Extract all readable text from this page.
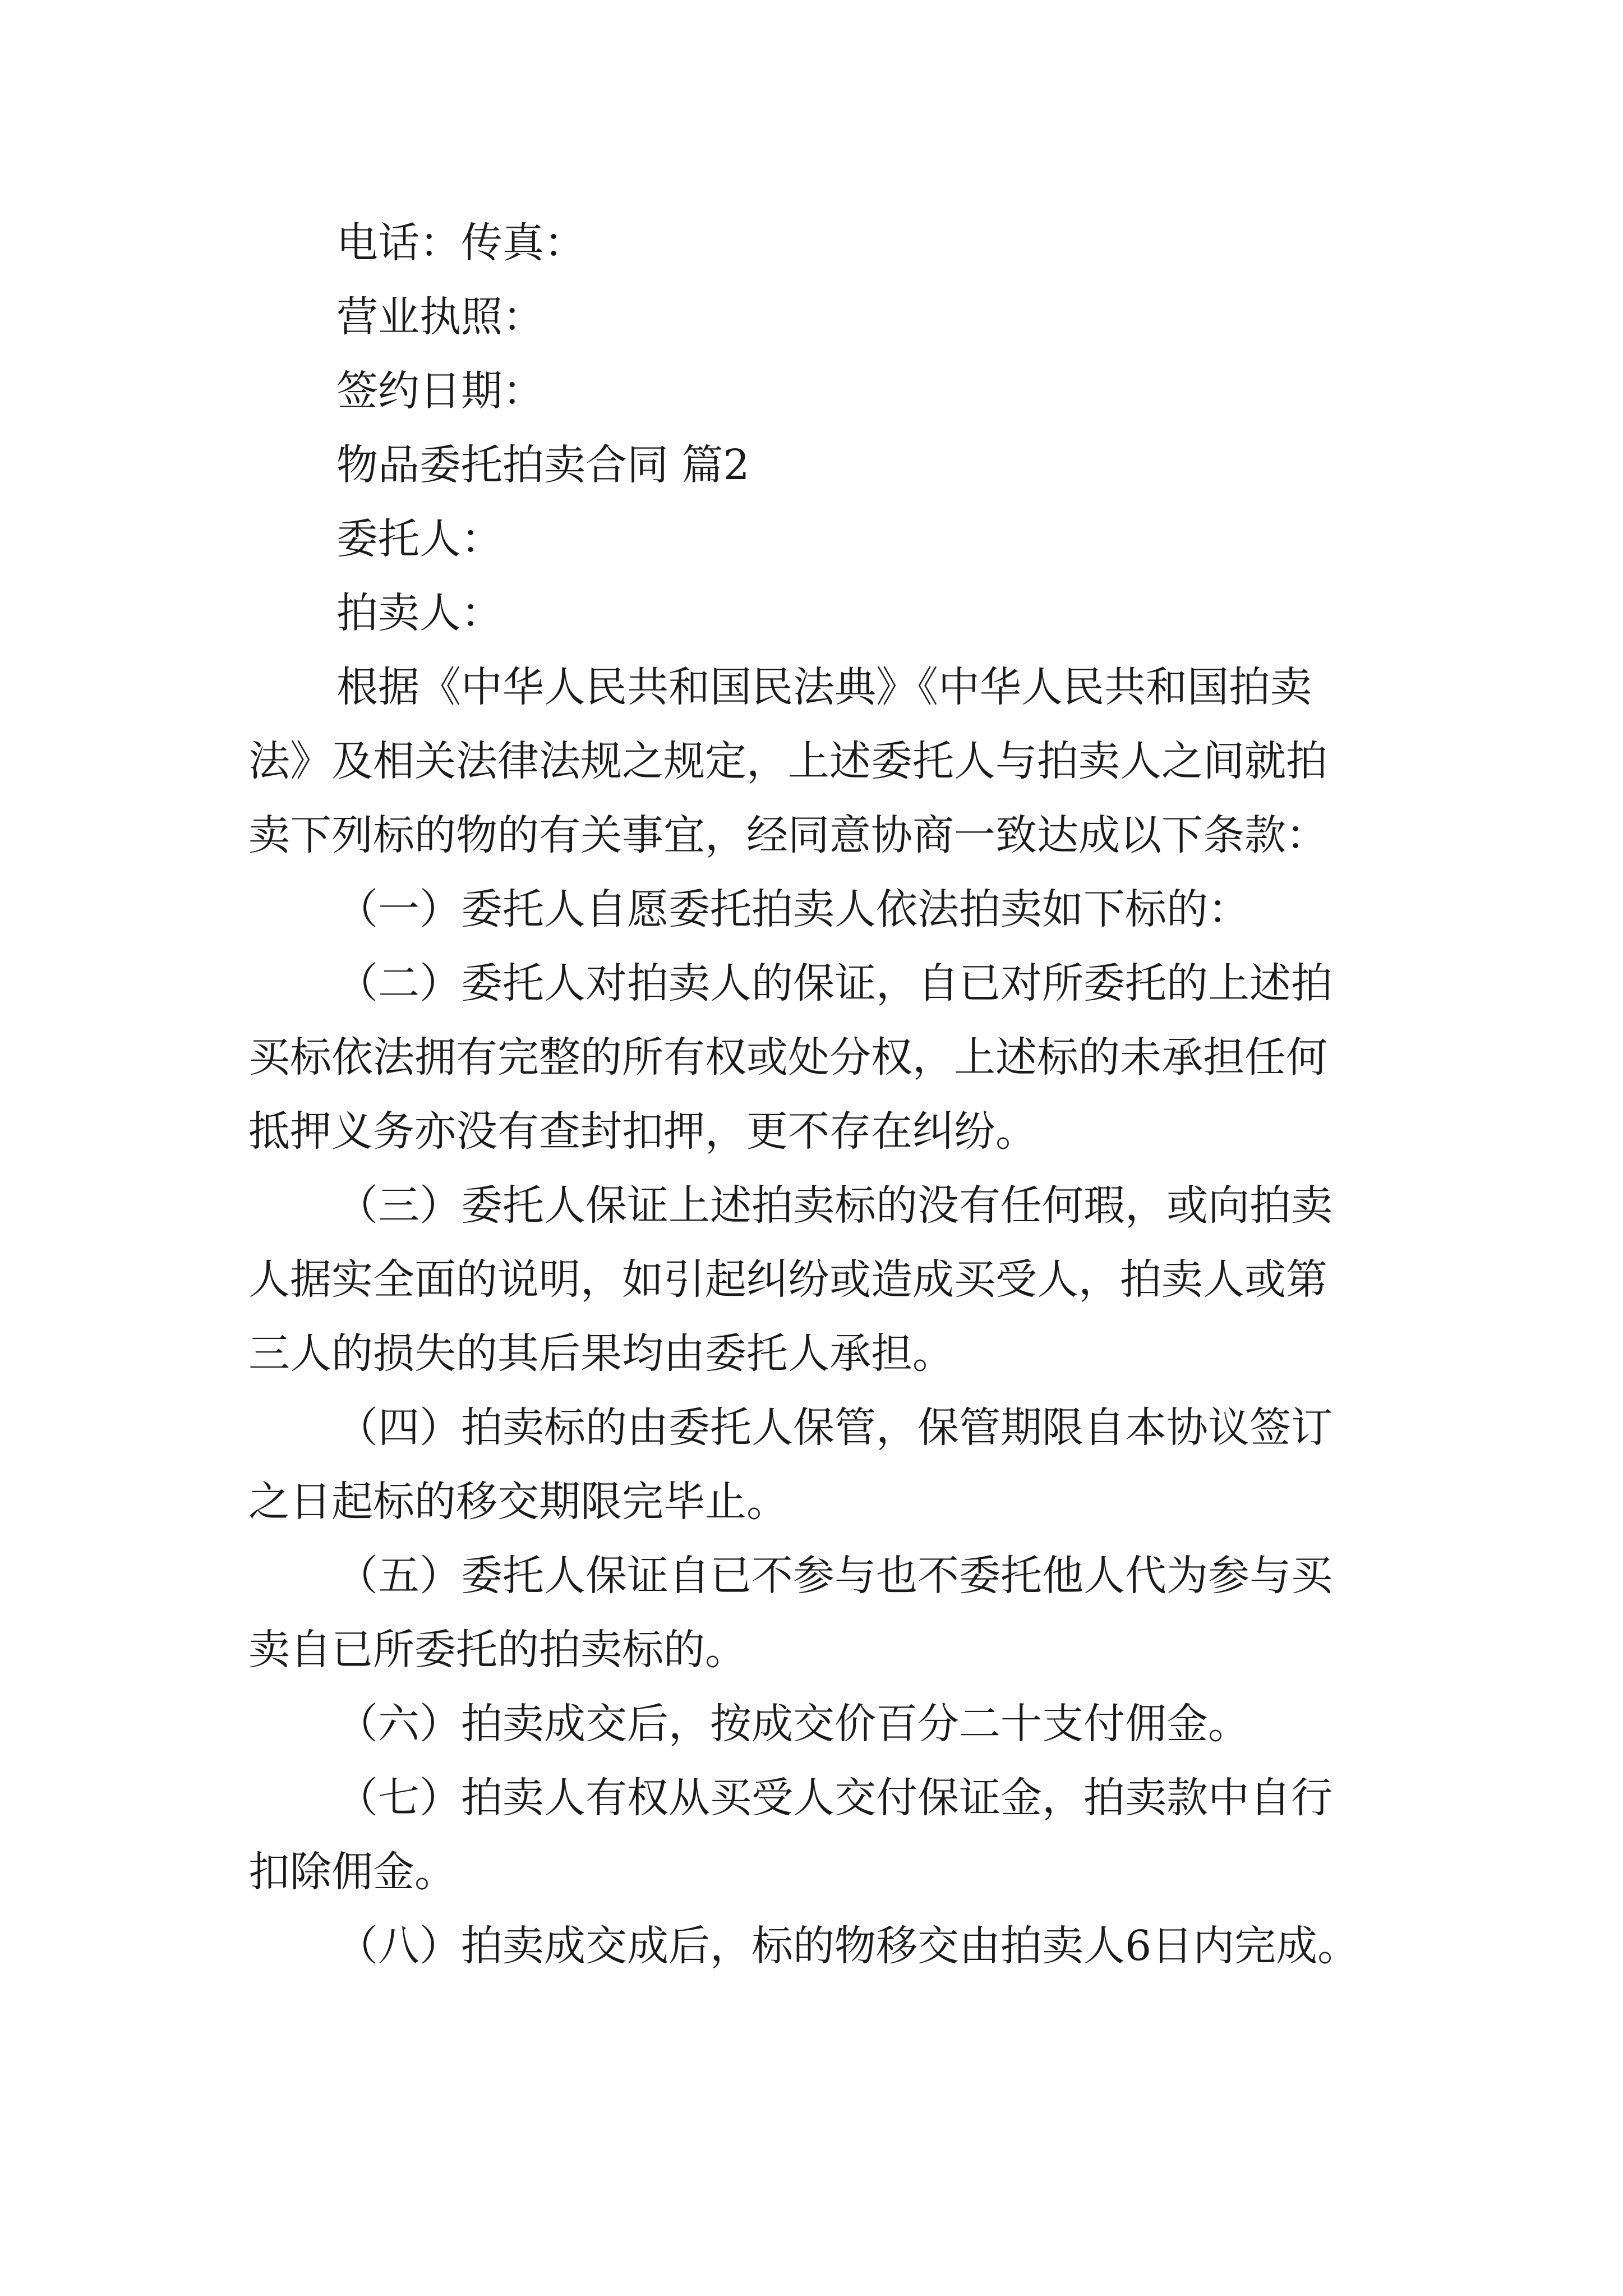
电话：传真：
营业执照：
签约日期：
物品委托拍卖合同 篇2
委托人：
拍卖人：
根据《中华人民共和国民法典》《中华人民共和国拍卖
法》及相关法律法规之规定，上述委托人与拍卖人之间就拍
卖下列标的物的有关事宜，经同意协商一致达成以下条款：
（一）委托人自愿委托拍卖人依法拍卖如下标的：
（二）委托人对拍卖人的保证，自已对所委托的上述拍
买标依法拥有完整的所有权或处分权，上述标的未承担任何
抵押义务亦没有查封扣押，更不存在纠纷。
（三）委托人保证上述拍卖标的没有任何瑕，或向拍卖
人据实全面的说明，如引起纠纷或造成买受人，拍卖人或第
三人的损失的其后果均由委托人承担。
（四）拍卖标的由委托人保管，保管期限自本协议签订
之日起标的移交期限完毕止。
（五）委托人保证自已不参与也不委托他人代为参与买
卖自已所委托的拍卖标的。
（六）拍卖成交后，按成交价百分二十支付佣金。
（七）拍卖人有权从买受人交付保证金，拍卖款中自行
扣除佣金。
（八）拍卖成交成后，标的物移交由拍卖人6日内完成。
